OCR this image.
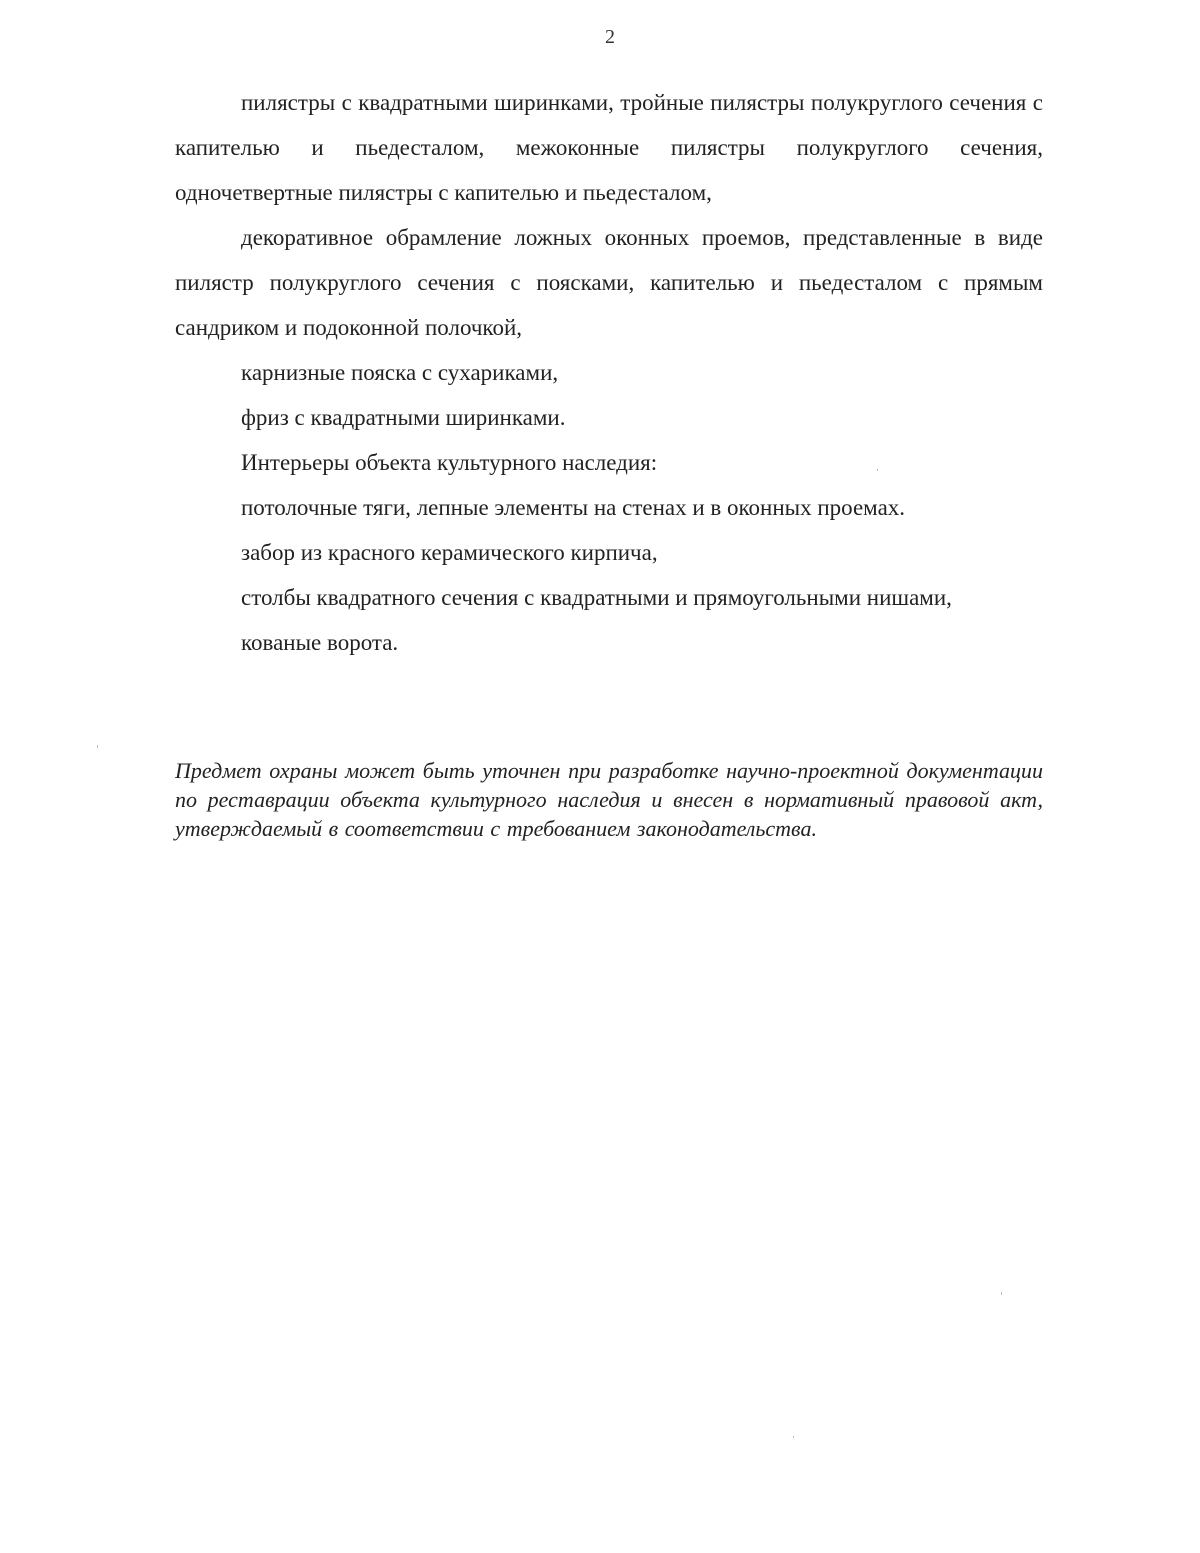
2

пилястры с квадратными ширинками, тройные пилястры полукруглого сечения с капителью и пьедесталом, межоконные пилястры полукруглого сечения, одночетвертные пилястры с капителью и пьедесталом,

декоративное обрамление ложных оконных проемов, представленные в виде пилястр полукруглого сечения с поясками, капителью и пьедесталом с прямым сандриком и подоконной полочкой,

карнизные пояска с сухариками,

фриз с квадратными ширинками.

Интерьеры объекта культурного наследия:

потолочные тяги, лепные элементы на стенах и в оконных проемах.

забор из красного керамического кирпича,

столбы квадратного сечения с квадратными и прямоугольными нишами,

кованые ворота.

Предмет охраны может быть уточнен при разработке научно-проектной документации по реставрации объекта культурного наследия и внесен в нормативный правовой акт, утверждаемый в соответствии с требованием законодательства.
